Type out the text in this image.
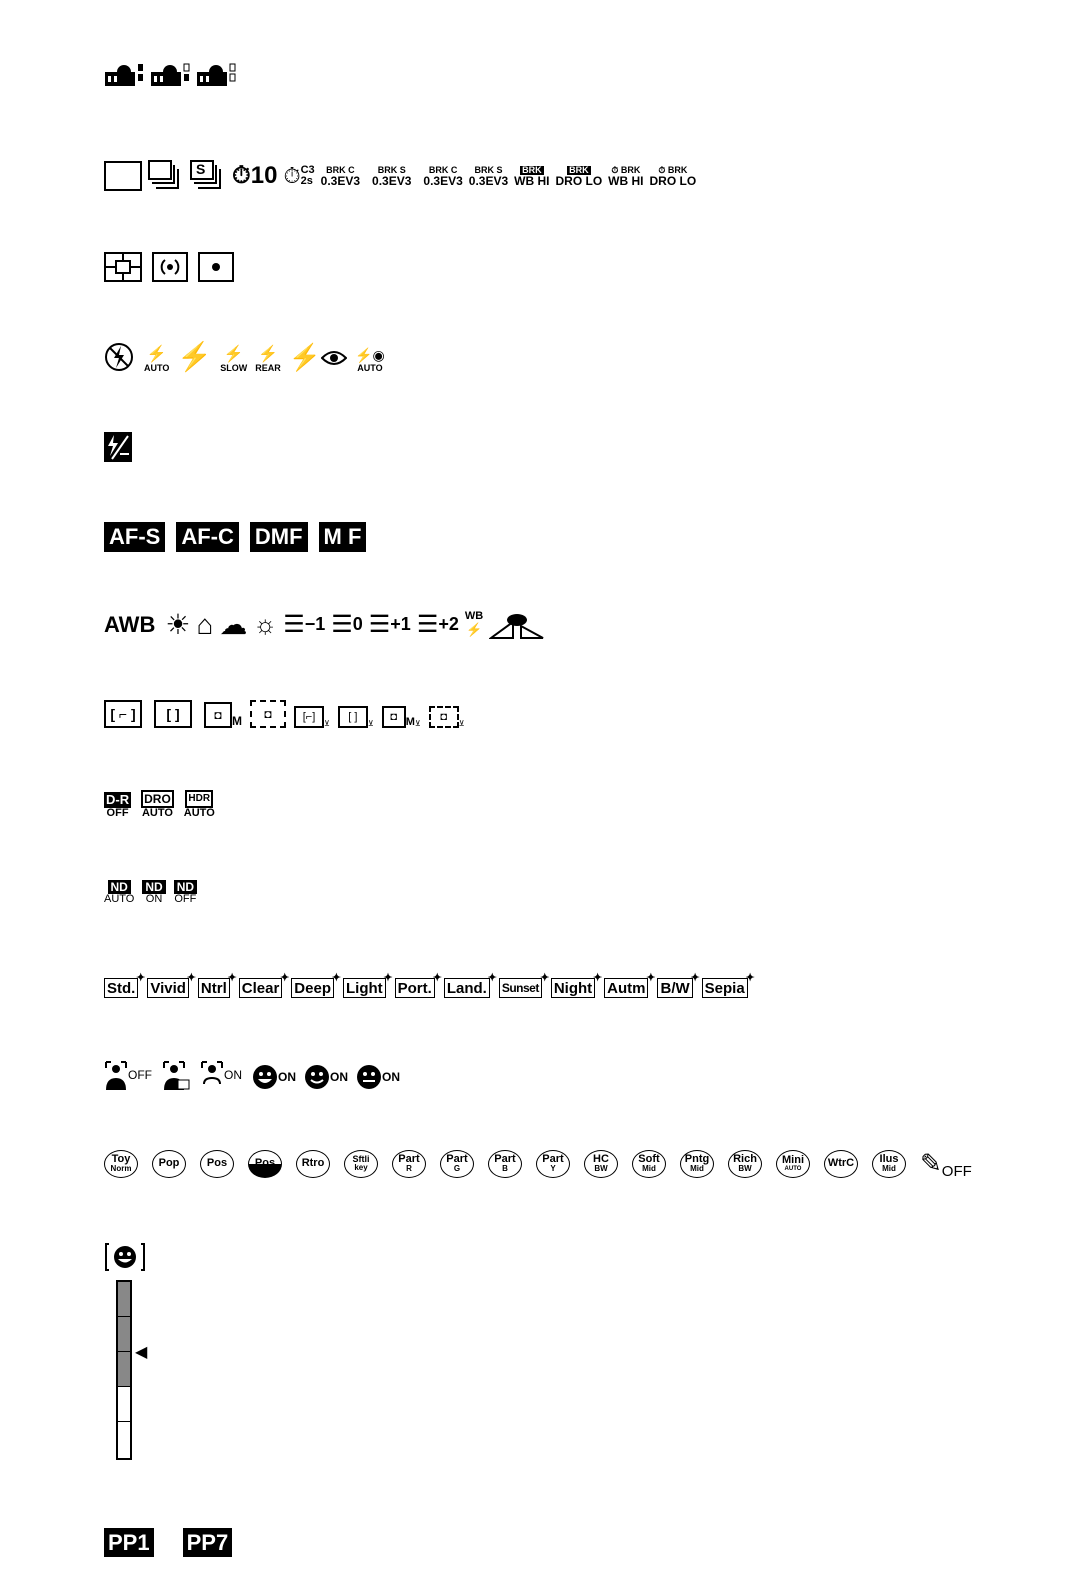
S ⏱ 10 ⏱ C3
2s
BRK C
0.3EV3
BRK S
0.3EV3
BRK C
0.3EV3
BRK S
0.3EV3
BRK
WB HI
BRK
DRO LO
⏱ BRK
WB HI
⏱ BRK
DRO LO
⚡
AUTO ⚡ ⚡
SLOW
⚡
REAR ⚡ ⚡◉
AUTO
AF-S AF-C DMF M F
AWB ☀ ⌂ ☁ ☼ ☰ −1 ☰ 0 ☰ +1 ☰ +2 WB
⚡
[ ⌐ ] [ ]	◘ M	◘	[⌐]
⊻
[ ]
⊻
◘ M ⊻
◘
⊻
D-R
OFF
DRO
AUTO
HDR
AUTO
ND
AUTO
ND
ON
ND
OFF
Std. ✦ Vivid ✦ Ntrl ✦ Clear ✦ Deep ✦ Light ✦ Port. ✦ Land. ✦ Sunset ✦ Night ✦ Autm ✦ B/W ✦ Sepia ✦
OFF	ON	ON	ON	ON
Toy
Norm Pop	Pos	Pos Rtro	Sftli
key
Part
R
Part
G
Part
B
Part
Y
HC
BW
Soft
Mid
Pntg
Mid
Rich
BW
Mini
AUTO WtrC Ilus
Mid ✎ OFF
◀
PP1 PP7
